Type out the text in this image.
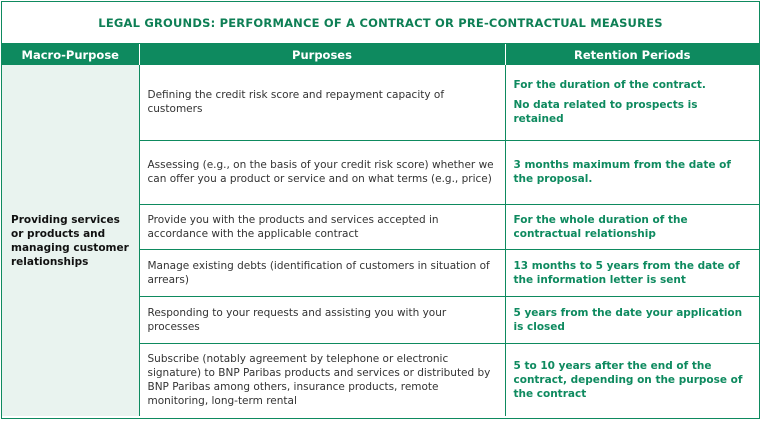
LEGAL GROUNDS: PERFORMANCE OF A CONTRACT OR PRE-CONTRACTUAL MEASURES
Macro-Purpose	Purposes	Retention Periods
Providing services or products and managing customer relationships	Defining the credit risk score and repayment capacity of customers	For the duration of the contract.
No data related to prospects is retained

	Assessing (e.g., on the basis of your credit risk score) whether we can offer you a product or service and on what terms (e.g., price)	3 months maximum from the date of the proposal.

	Provide you with the products and services accepted in accordance with the applicable contract	For the whole duration of the contractual relationship

	Manage existing debts (identification of customers in situation of arrears)	13 months to 5 years from the date of the information letter is sent

	Responding to your requests and assisting you with your processes	5 years from the date your application is closed

	Subscribe (notably agreement by telephone or electronic signature) to BNP Paribas products and services or distributed by BNP Paribas among others, insurance products, remote monitoring, long-term rental	5 to 10 years after the end of the contract, depending on the purpose of the contract
